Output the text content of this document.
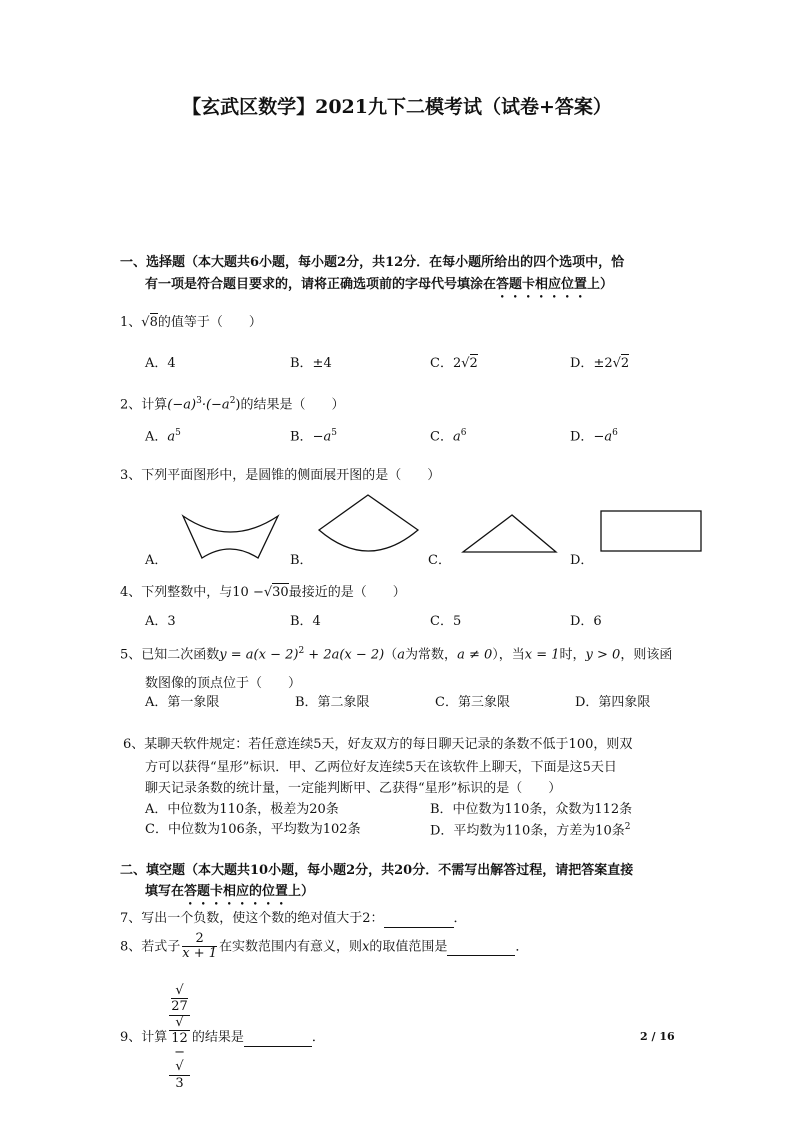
【玄武区数学】2021九下二模考试（试卷+答案）
一、选择题（本大题共6小题，每小题2分，共12分．在每小题所给出的四个选项中，恰
有一项是符合题目要求的，请将正确选项前的字母代号填涂在答题卡相应位置上）
1、√8的值等于（　　）
A．4	B．±4	C．2√2	D．±2√2
2、计算$(-a)^3\cdot(-a^2)$的结果是（　　）
A．$a^5$	B．$-a^5$	C．$a^6$	D．$-a^6$
3、下列平面图形中，是圆锥的侧面展开图的是（　　）
A．	B．	C．	D．
4、下列整数中，与10 −√30最接近的是（　　）
A．3	B．4	C．5	D．6
5、已知二次函数$y = a(x - 2)^2 + 2a(x - 2)(a$为常数，a ≠ 0），当x = 1时，y > 0，则该函
数图像的顶点位于（　　）
A．第一象限	B．第二象限	C．第三象限	D．第四象限
6、某聊天软件规定：若任意连续5天，好友双方的每日聊天记录的条数不低于100，则双
方可以获得“星形”标识．甲、乙两位好友连续5天在该软件上聊天，下面是这5天日
聊天记录条数的统计量，一定能判断甲、乙获得“星形”标识的是（　　）
A．中位数为110条，极差为20条	B．中位数为110条，众数为112条
C．中位数为106条，平均数为102条	D．平均数为110条，方差为10条$^2$
二、填空题（本大题共10小题，每小题2分，共20分．不需写出解答过程，请把答案直接
填写在答题卡相应的位置上）
7、写出一个负数，使这个数的绝对值大于2：	．
8、若式子 $\frac{2}{x + 1}$ 在实数范围内有意义，则x的取值范围是	．
9、计算 √
27
√
12
−
√
3 的结果是	．	2 / 16
